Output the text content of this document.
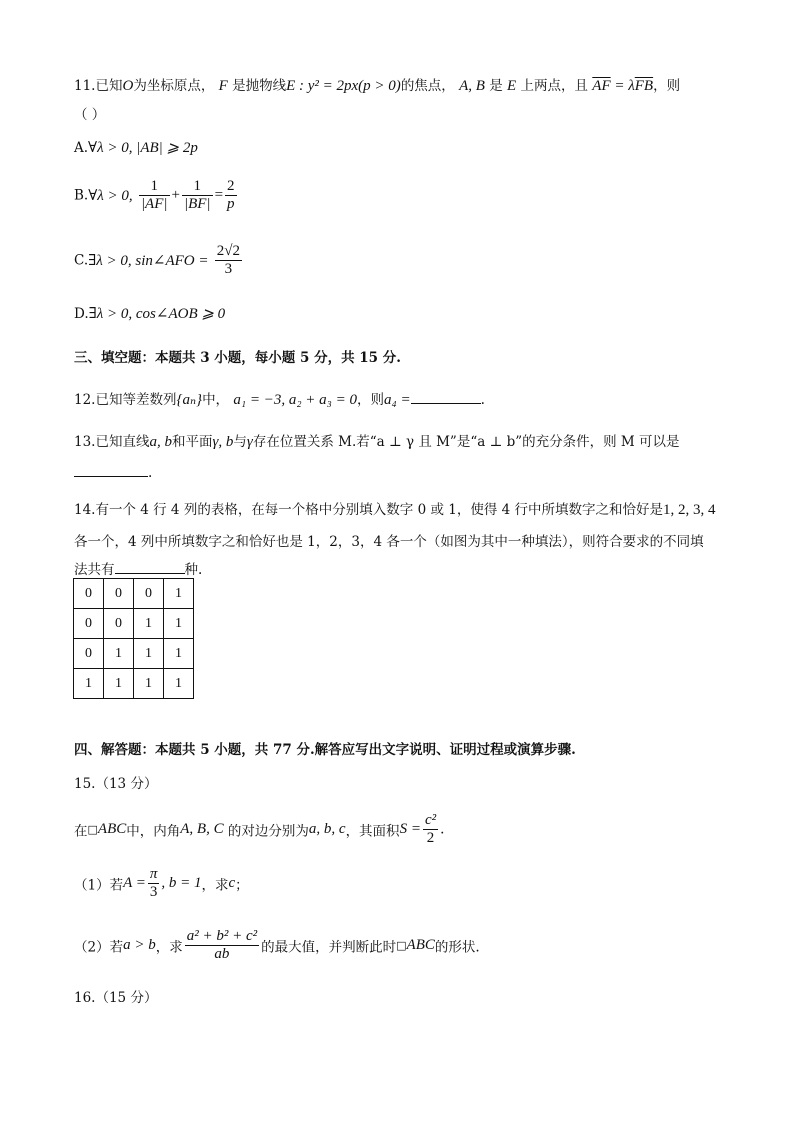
11.已知O为坐标原点， F 是抛物线E : y² = 2px(p > 0)的焦点， A, B 是 E 上两点，且 $\overline{AF} = \lambda\overline{FB}$，则
（ ）
A.∀λ > 0, |AB| ⩾ 2p
B.∀λ > 0, $\frac{1}{|AF|} + \frac{1}{|BF|} = \frac{2}{p}$
C.∃λ > 0, sin∠AFO = $\frac{2√2}{3}$
D.∃λ > 0, cos∠AOB ⩾ 0
三、填空题：本题共 3 小题，每小题 5 分，共 15 分.
12.已知等差数列{aₙ}中， a₁ = −3, a₂ + a₃ = 0，则a₄ =	.
13.已知直线a, b和平面γ, b与γ存在位置关系 M.若“a ⊥ γ 且 M”是“a ⊥ b”的充分条件，则 M 可以是
.
14.有一个 4 行 4 列的表格，在每一个格中分别填入数字 0 或 1，使得 4 行中所填数字之和恰好是1, 2, 3, 4
各一个，4 列中所填数字之和恰好也是 1，2，3，4 各一个（如图为其中一种填法），则符合要求的不同填
法共有	种.
0	0	0	1
0	0	1	1
0	1	1	1
1	1	1	1
四、解答题：本题共 5 小题，共 77 分.解答应写出文字说明、证明过程或演算步骤.
15.（13 分）
在□ABC中，内角A, B, C 的对边分别为a, b, c，其面积$S = \frac{\text{c²}}{2}$ .
（1）若$A = \frac{\pi}{3}$ , b = 1，求c；
（2）若a > b，求 $\frac{\text{a² + b² + c²}}{ab}$ 的最大值，并判断此时□ABC的形状.
16.（15 分）
